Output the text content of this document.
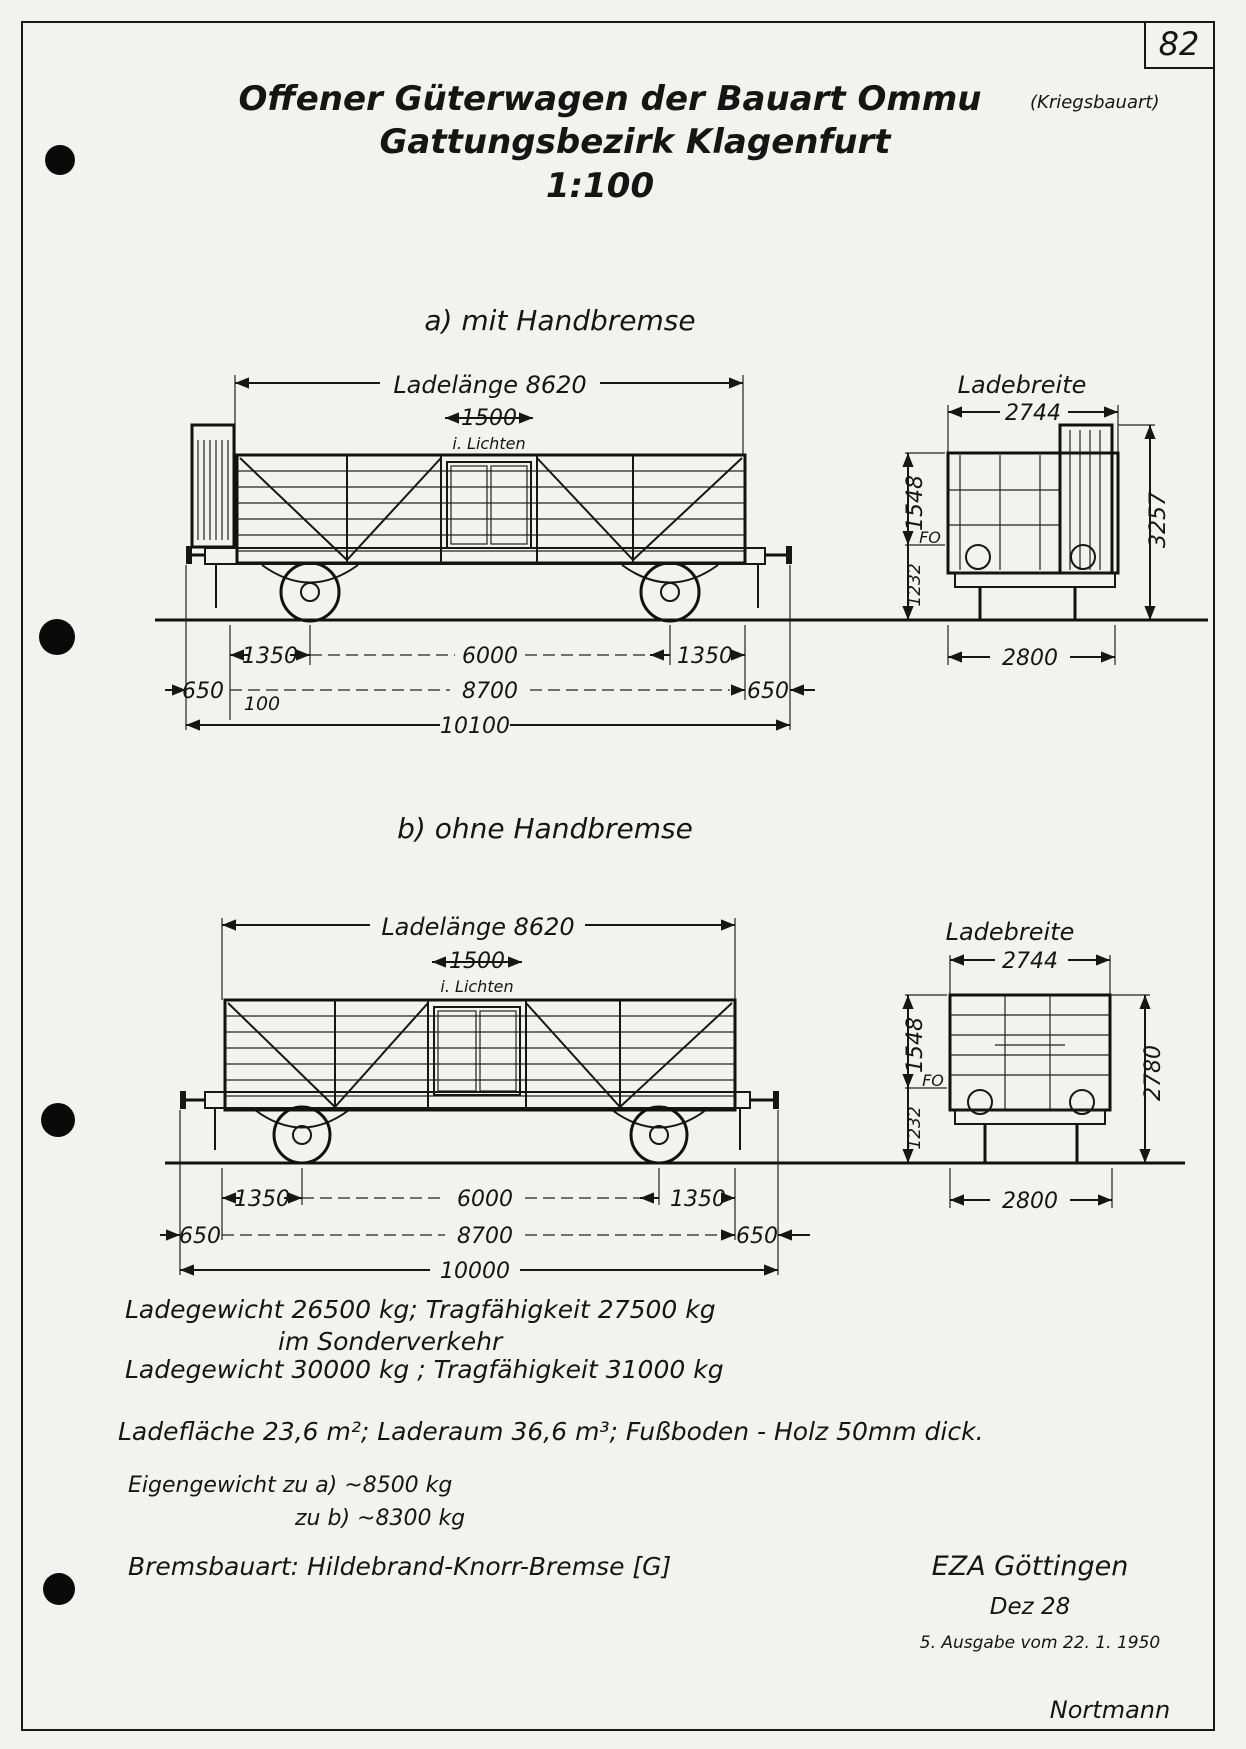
82
Offener Güterwagen der Bauart Ommu	(Kriegsbauart)
Gattungsbezirk Klagenfurt
1:100
a) mit Handbremse
Ladelänge 8620
1500
i. Lichten
1350	6000	1350
650 100	8700	650
10100
Ladebreite
2744
1548
FO
1232
3257
2800
b) ohne Handbremse
Ladelänge 8620
1500
i. Lichten
1350	6000	1350
650	8700	650
10000
Ladebreite
2744
1548
FO
1232
2780
2800
Ladegewicht 26500 kg; Tragfähigkeit 27500 kg
im Sonderverkehr
Ladegewicht 30000 kg ; Tragfähigkeit 31000 kg
Ladefläche 23,6 m²; Laderaum 36,6 m³; Fußboden - Holz 50mm dick.
Eigengewicht zu a) ~8500 kg
zu b) ~8300 kg
Bremsbauart: Hildebrand-Knorr-Bremse [G]	EZA Göttingen
Dez 28
5. Ausgabe vom 22. 1. 1950
Nortmann
